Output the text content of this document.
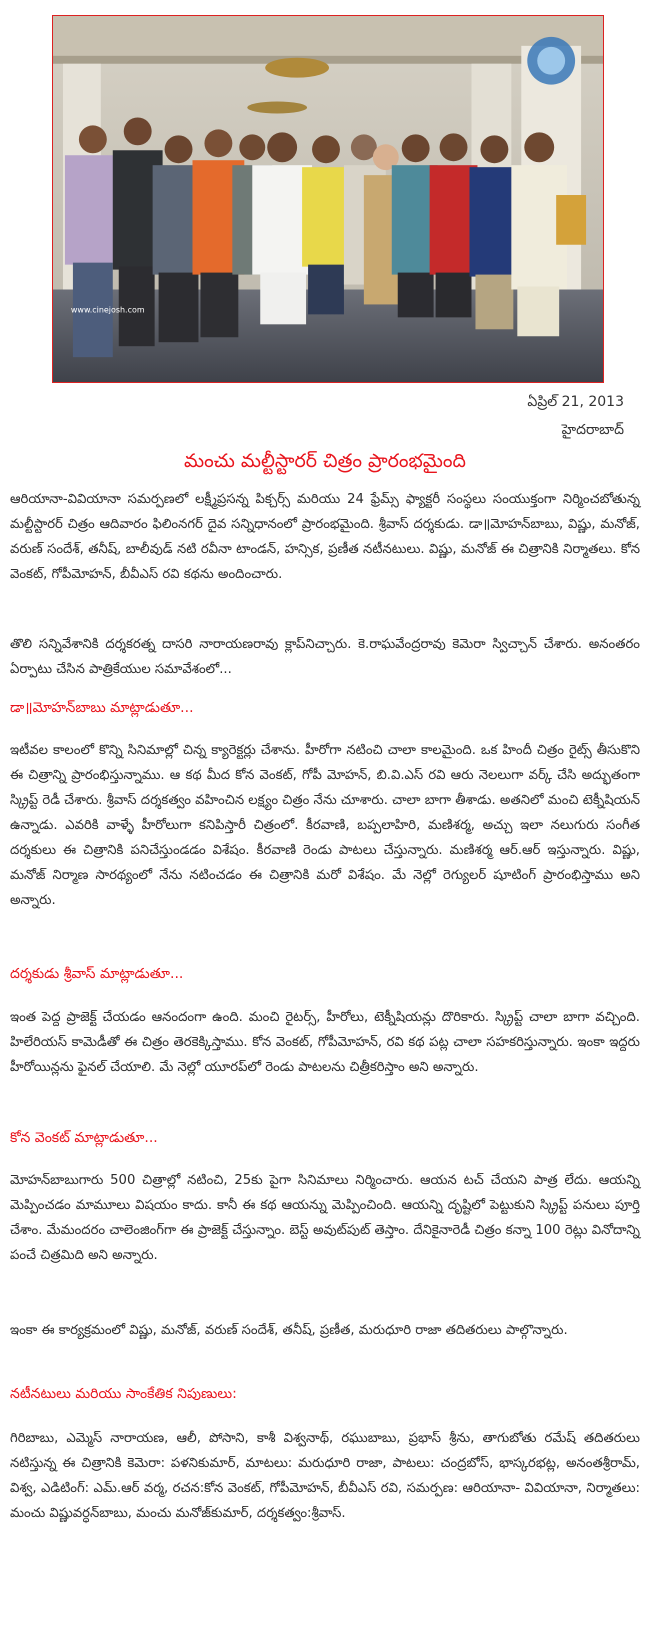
www.cinejosh.com
ఏప్రిల్ 21, 2013
హైదరాబాద్
మంచు మల్టీస్టారర్ చిత్రం ప్రారంభమైంది
ఆరియానా-వివియానా సమర్పణలో లక్ష్మీప్రసన్న పిక్చర్స్ మరియు 24 ఫ్రేమ్స్ ఫ్యాక్టరీ సంస్థలు సంయుక్తంగా నిర్మించబోతున్న మల్టీస్టారర్ చిత్రం ఆదివారం ఫిలింనగర్ దైవ సన్నిధానంలో ప్రారంభమైంది. శ్రీవాస్ దర్శకుడు. డా॥మోహన్‌బాబు, విష్ణు, మనోజ్, వరుణ్ సందేశ్, తనీష్, బాలీవుడ్ నటి రవీనా టాండన్, హన్సిక, ప్రణీత నటీనటులు. విష్ణు, మనోజ్ ఈ చిత్రానికి నిర్మాతలు. కోన వెంకట్, గోపీమోహన్, బీవీఎస్ రవి కథను అందించారు.
తొలి సన్నివేశానికి దర్శకరత్న దాసరి నారాయణరావు క్లాప్‌నిచ్చారు. కె.రాఘవేంద్రరావు కెమెరా స్విచ్చాన్ చేశారు. అనంతరం ఏర్పాటు చేసిన పాత్రికేయుల సమావేశంలో...
డా॥మోహన్‌బాబు మాట్లాడుతూ...
ఇటీవల కాలంలో కొన్ని సినిమాల్లో చిన్న క్యారెక్టర్లు చేశాను. హీరోగా నటించి చాలా కాలమైంది. ఒక హిందీ చిత్రం రైట్స్ తీసుకొని ఈ చిత్రాన్ని ప్రారంభిస్తున్నాము. ఆ కథ మీద కోన వెంకట్, గోపీ మోహన్, బి.వి.ఎస్ రవి ఆరు నెలలుగా వర్క్ చేసి అద్భుతంగా స్క్రిప్ట్ రెడీ చేశారు. శ్రీవాస్ దర్శకత్వం వహించిన లక్ష్యం చిత్రం నేను చూశారు. చాలా బాగా తీశాడు. అతనిలో మంచి టెక్నీషియన్ ఉన్నాడు. ఎవరికి వాళ్ళే హీరోలుగా కనిపిస్తారీ చిత్రంలో. కీరవాణి, బప్పలాహిరి, మణిశర్మ, అచ్చు ఇలా నలుగురు సంగీత దర్శకులు ఈ చిత్రానికి పనిచేస్తుండడం విశేషం. కీరవాణి రెండు పాటలు చేస్తున్నారు. మణిశర్మ ఆర్.ఆర్ ఇస్తున్నారు. విష్ణు, మనోజ్ నిర్మాణ సారథ్యంలో నేను నటించడం ఈ చిత్రానికి మరో విశేషం. మే నెల్లో రెగ్యులర్ షూటింగ్ ప్రారంభిస్తాము అని అన్నారు.
దర్శకుడు శ్రీవాస్ మాట్లాడుతూ...
ఇంత పెద్ద ప్రాజెక్ట్ చేయడం ఆనందంగా ఉంది. మంచి రైటర్స్, హీరోలు, టెక్నీషియన్లు దొరికారు. స్క్రిప్ట్ చాలా బాగా వచ్చింది. హిలేరియస్ కామెడీతో ఈ చిత్రం తెరకెక్కిస్తాము. కోన వెంకట్, గోపీమోహన్, రవి కథ పట్ల చాలా సహకరిస్తున్నారు. ఇంకా ఇద్దరు హీరోయిన్లను ఫైనల్ చేయాలి. మే నెల్లో యూరప్‌లో రెండు పాటలను చిత్రీకరిస్తాం అని అన్నారు.
కోన వెంకట్ మాట్లాడుతూ...
మోహన్‌బాబుగారు 500 చిత్రాల్లో నటించి, 25కు పైగా సినిమాలు నిర్మించారు. ఆయన టచ్ చేయని పాత్ర లేదు. ఆయన్ని మెప్పించడం మామూలు విషయం కాదు. కానీ ఈ కథ ఆయన్ను మెప్పించింది. ఆయన్ని దృష్టిలో పెట్టుకుని స్క్రిప్ట్ పనులు పూర్తి చేశాం. మేమందరం చాలెంజింగ్‌గా ఈ ప్రాజెక్ట్ చేస్తున్నాం. బెస్ట్ అవుట్‌పుట్ తెస్తాం. దేనికైనారెడీ చిత్రం కన్నా 100 రెట్లు వినోదాన్ని పంచే చిత్రమిది అని అన్నారు.
ఇంకా ఈ కార్యక్రమంలో విష్ణు, మనోజ్, వరుణ్ సందేశ్, తనీష్, ప్రణీత, మరుధూరి రాజా తదితరులు పాల్గొన్నారు.
నటీనటులు మరియు సాంకేతిక నిపుణులు:
గిరిబాబు, ఎమ్మెస్ నారాయణ, ఆలీ, పోసాని, కాశీ విశ్వనాథ్, రఘుబాబు, ప్రభాస్ శ్రీను, తాగుబోతు రమేష్ తదితరులు నటిస్తున్న ఈ చిత్రానికి కెమెరా: పళనికుమార్, మాటలు: మరుధూరి రాజా, పాటలు: చంద్రబోస్, భాస్కరభట్ల, అనంతశ్రీరామ్, విశ్వ, ఎడిటింగ్: ఎమ్.ఆర్ వర్మ, రచన:కోన వెంకట్, గోపీమోహన్, బీవీఎస్ రవి, సమర్పణ: ఆరియానా- వివియానా, నిర్మాతలు: మంచు విష్ణువర్ధన్‌బాబు, మంచు మనోజ్‌కుమార్, దర్శకత్వం:శ్రీవాస్.
